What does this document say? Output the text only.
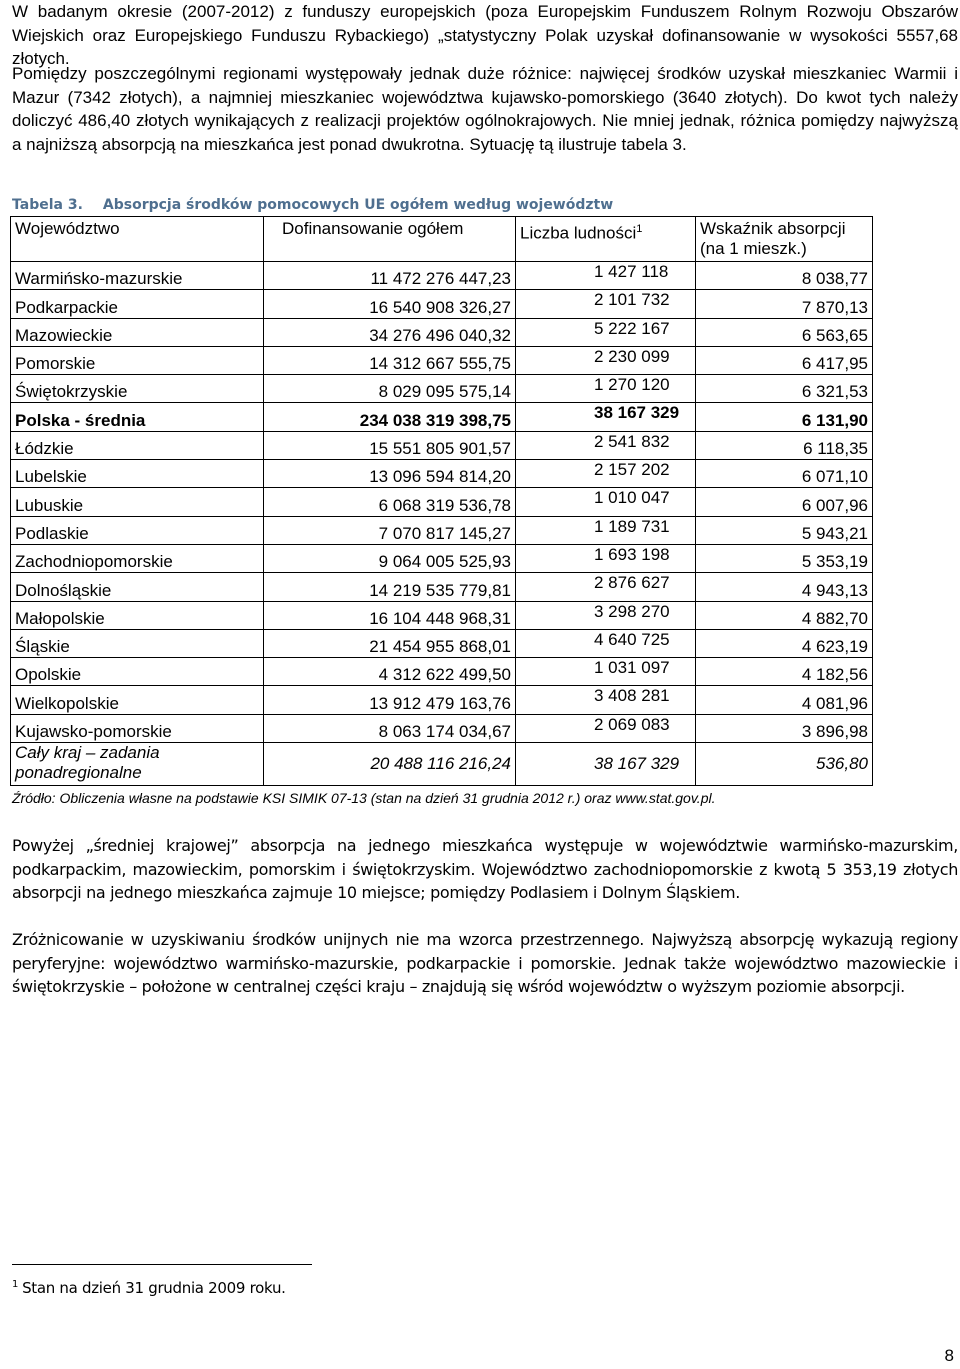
W badanym okresie (2007-2012) z funduszy europejskich (poza Europejskim Funduszem Rolnym Rozwoju Obszarów Wiejskich oraz Europejskiego Funduszu Rybackiego) „statystyczny Polak uzyskał dofinansowanie w wysokości 5557,68 złotych.

Pomiędzy poszczególnymi regionami występowały jednak duże różnice: najwięcej środków uzyskał mieszkaniec Warmii i Mazur (7342 złotych), a najmniej mieszkaniec województwa kujawsko-pomorskiego (3640 złotych). Do kwot tych należy doliczyć 486,40 złotych wynikających z realizacji projektów ogólnokrajowych. Nie mniej jednak, różnica pomiędzy najwyższą a najniższą absorpcją na mieszkańca jest ponad dwukrotna. Sytuację tą ilustruje tabela 3.

Tabela 3. Absorpcja środków pomocowych UE ogółem według województw
Województwo	Dofinansowanie ogółem	Liczba ludności$^1$	Wskaźnik absorpcji (na 1 mieszk.)
Warmińsko-mazurskie	11 472 276 447,23	1 427 118	8 038,77
Podkarpackie	16 540 908 326,27	2 101 732	7 870,13
Mazowieckie	34 276 496 040,32	5 222 167	6 563,65
Pomorskie	14 312 667 555,75	2 230 099	6 417,95
Świętokrzyskie	8 029 095 575,14	1 270 120	6 321,53
Polska - średnia	234 038 319 398,75	38 167 329	6 131,90
Łódzkie	15 551 805 901,57	2 541 832	6 118,35
Lubelskie	13 096 594 814,20	2 157 202	6 071,10
Lubuskie	6 068 319 536,78	1 010 047	6 007,96
Podlaskie	7 070 817 145,27	1 189 731	5 943,21
Zachodniopomorskie	9 064 005 525,93	1 693 198	5 353,19
Dolnośląskie	14 219 535 779,81	2 876 627	4 943,13
Małopolskie	16 104 448 968,31	3 298 270	4 882,70
Śląskie	21 454 955 868,01	4 640 725	4 623,19
Opolskie	4 312 622 499,50	1 031 097	4 182,56
Wielkopolskie	13 912 479 163,76	3 408 281	4 081,96
Kujawsko-pomorskie	8 063 174 034,67	2 069 083	3 896,98
Cały kraj – zadania ponadregionalne	20 488 116 216,24	38 167 329	536,80
Źródło: Obliczenia własne na podstawie KSI SIMIK 07-13 (stan na dzień 31 grudnia 2012 r.) oraz www.stat.gov.pl.

Powyżej „średniej krajowej” absorpcja na jednego mieszkańca występuje w województwie warmińsko-mazurskim, podkarpackim, mazowieckim, pomorskim i świętokrzyskim. Województwo zachodniopomorskie z kwotą 5 353,19 złotych absorpcji na jednego mieszkańca zajmuje 10 miejsce; pomiędzy Podlasiem i Dolnym Śląskiem.

Zróżnicowanie w uzyskiwaniu środków unijnych nie ma wzorca przestrzennego. Najwyższą absorpcję wykazują regiony peryferyjne: województwo warmińsko-mazurskie, podkarpackie i pomorskie. Jednak także województwo mazowieckie i świętokrzyskie – położone w centralnej części kraju – znajdują się wśród województw o wyższym poziomie absorpcji.

$^1$ Stan na dzień 31 grudnia 2009 roku.
8
